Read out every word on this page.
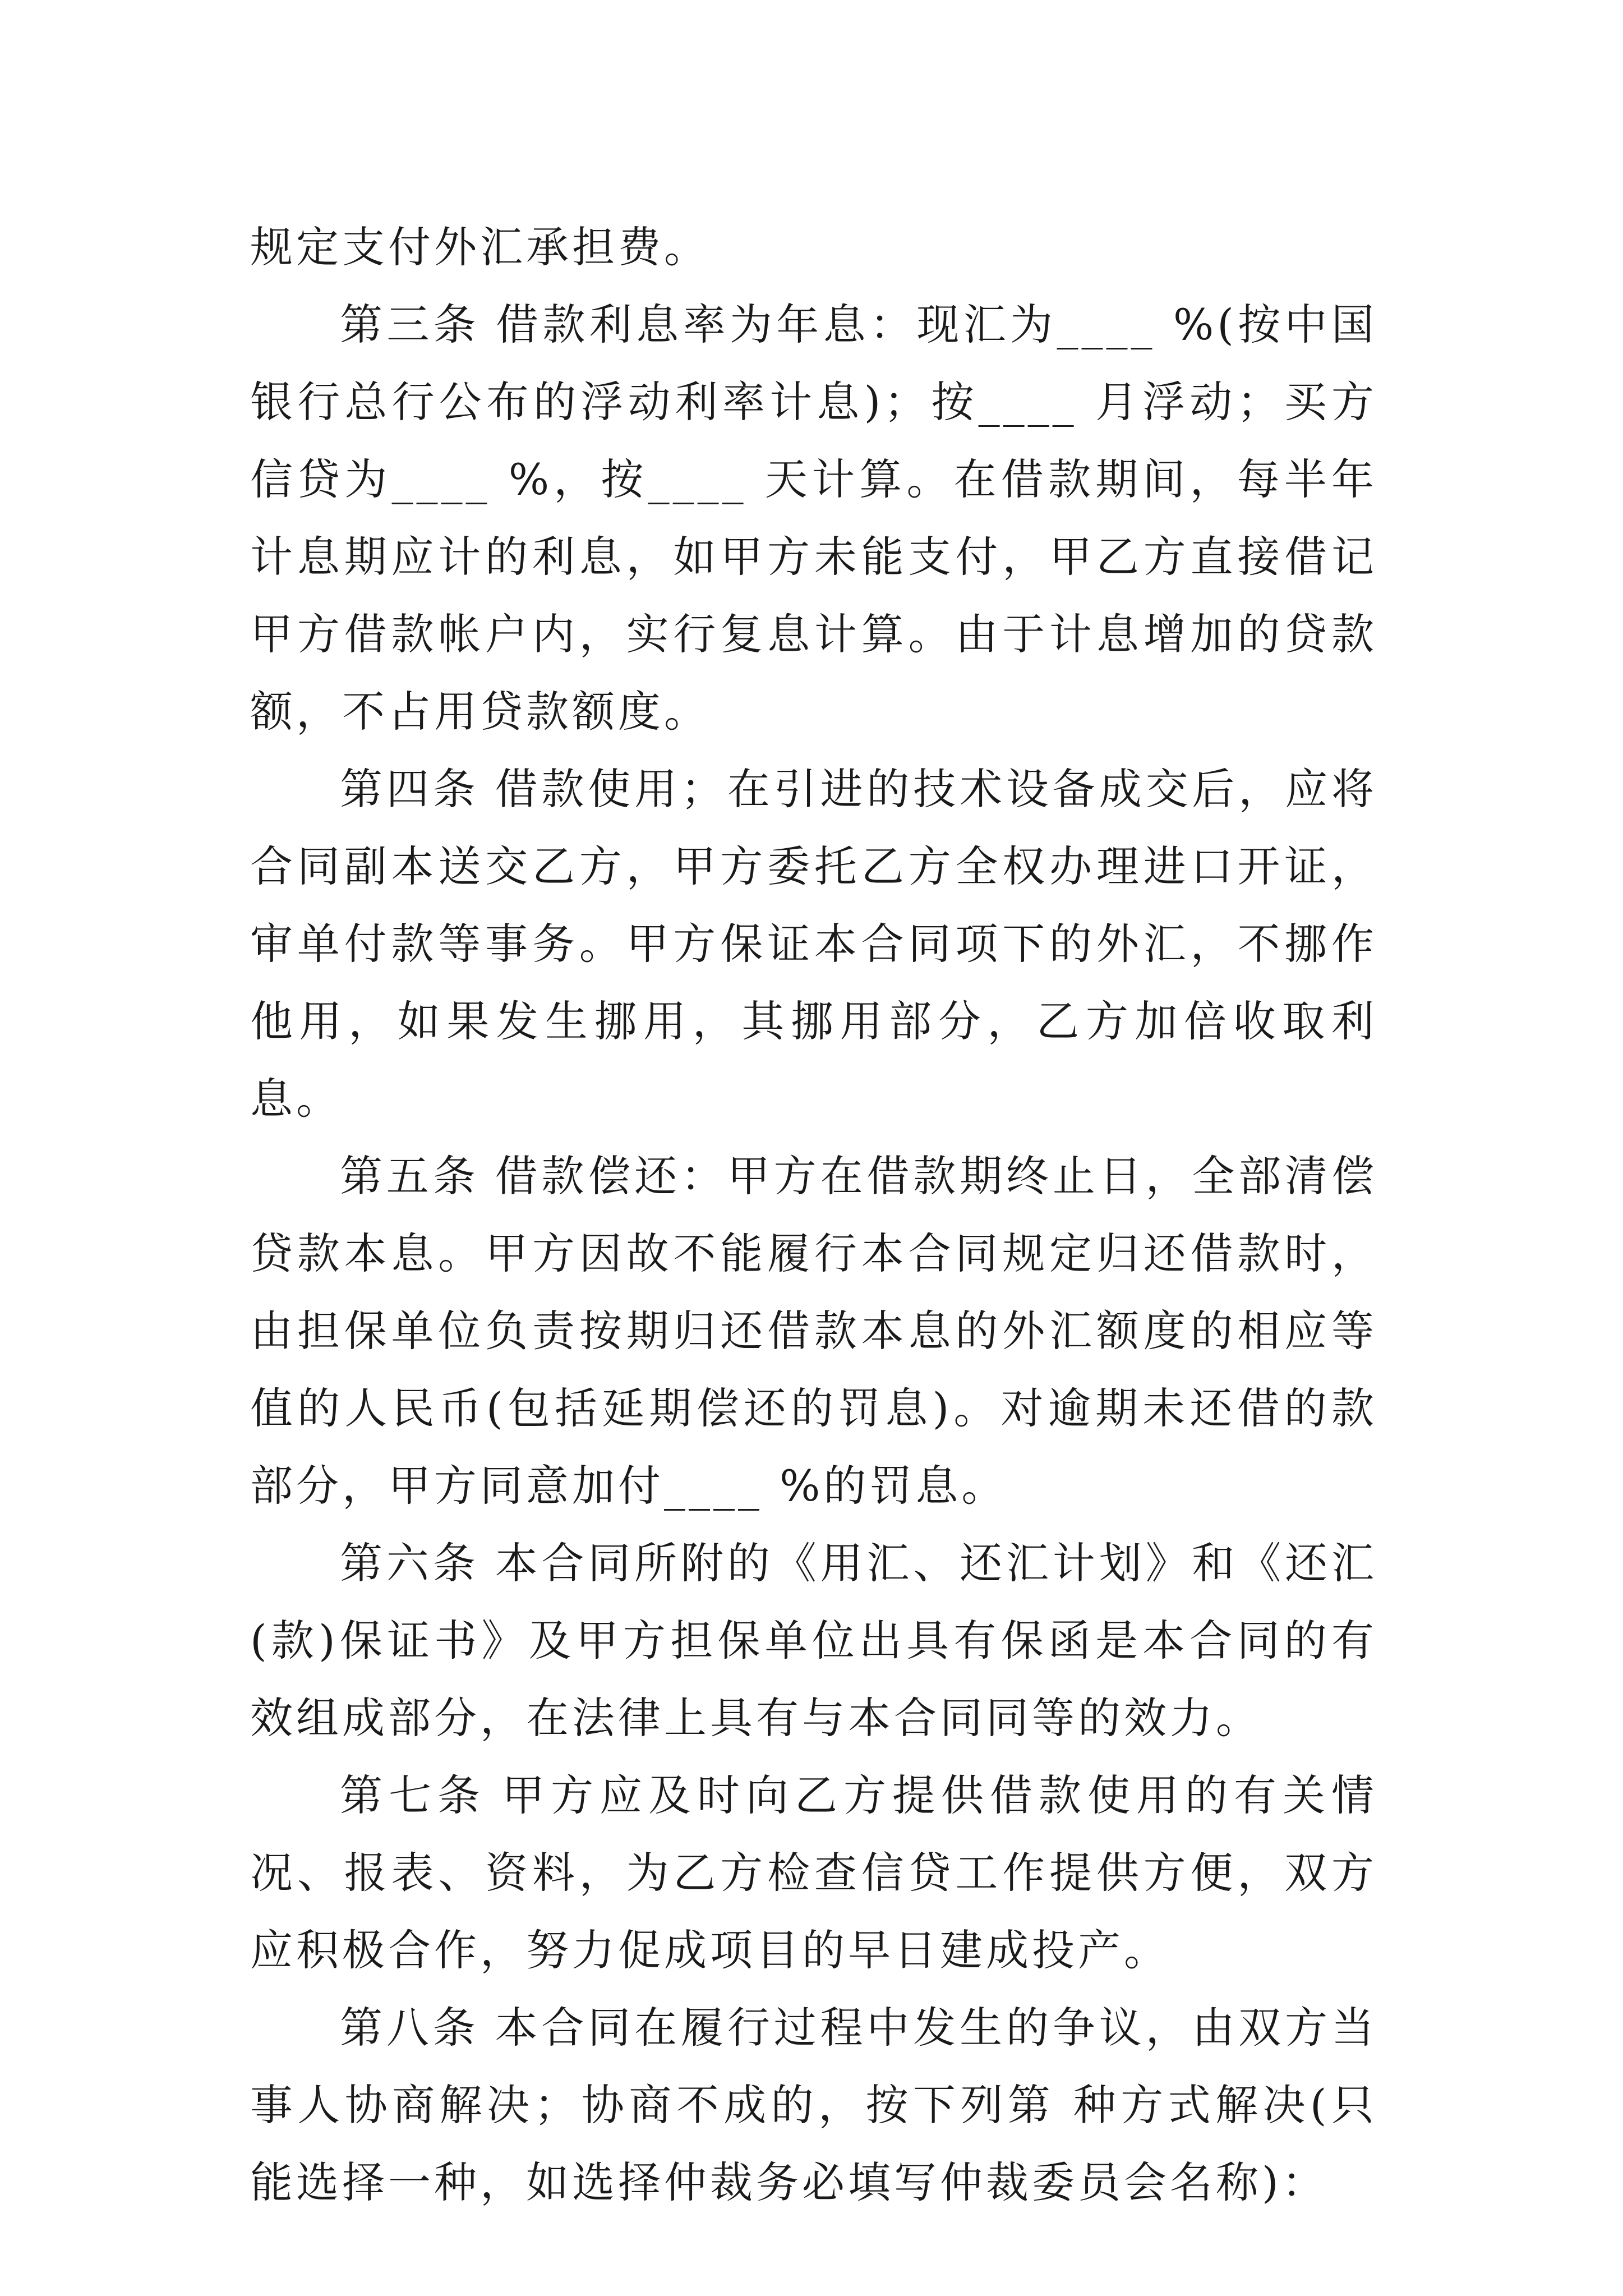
规定支付外汇承担费。

第三条 借款利息率为年息：现汇为____ %(按中国银行总行公布的浮动利率计息)；按____ 月浮动；买方信贷为____ %，按____ 天计算。在借款期间，每半年计息期应计的利息，如甲方未能支付，甲乙方直接借记甲方借款帐户内，实行复息计算。由于计息增加的贷款额，不占用贷款额度。

第四条 借款使用；在引进的技术设备成交后，应将合同副本送交乙方，甲方委托乙方全权办理进口开证，审单付款等事务。甲方保证本合同项下的外汇，不挪作他用，如果发生挪用，其挪用部分，乙方加倍收取利息。

第五条 借款偿还：甲方在借款期终止日，全部清偿贷款本息。甲方因故不能履行本合同规定归还借款时，由担保单位负责按期归还借款本息的外汇额度的相应等值的人民币(包括延期偿还的罚息)。对逾期未还借的款部分，甲方同意加付____ %的罚息。

第六条 本合同所附的《用汇、还汇计划》和《还汇(款)保证书》及甲方担保单位出具有保函是本合同的有效组成部分，在法律上具有与本合同同等的效力。

第七条 甲方应及时向乙方提供借款使用的有关情况、报表、资料，为乙方检查信贷工作提供方便，双方应积极合作，努力促成项目的早日建成投产。

第八条 本合同在履行过程中发生的争议，由双方当事人协商解决；协商不成的，按下列第 种方式解决(只能选择一种，如选择仲裁务必填写仲裁委员会名称)：
